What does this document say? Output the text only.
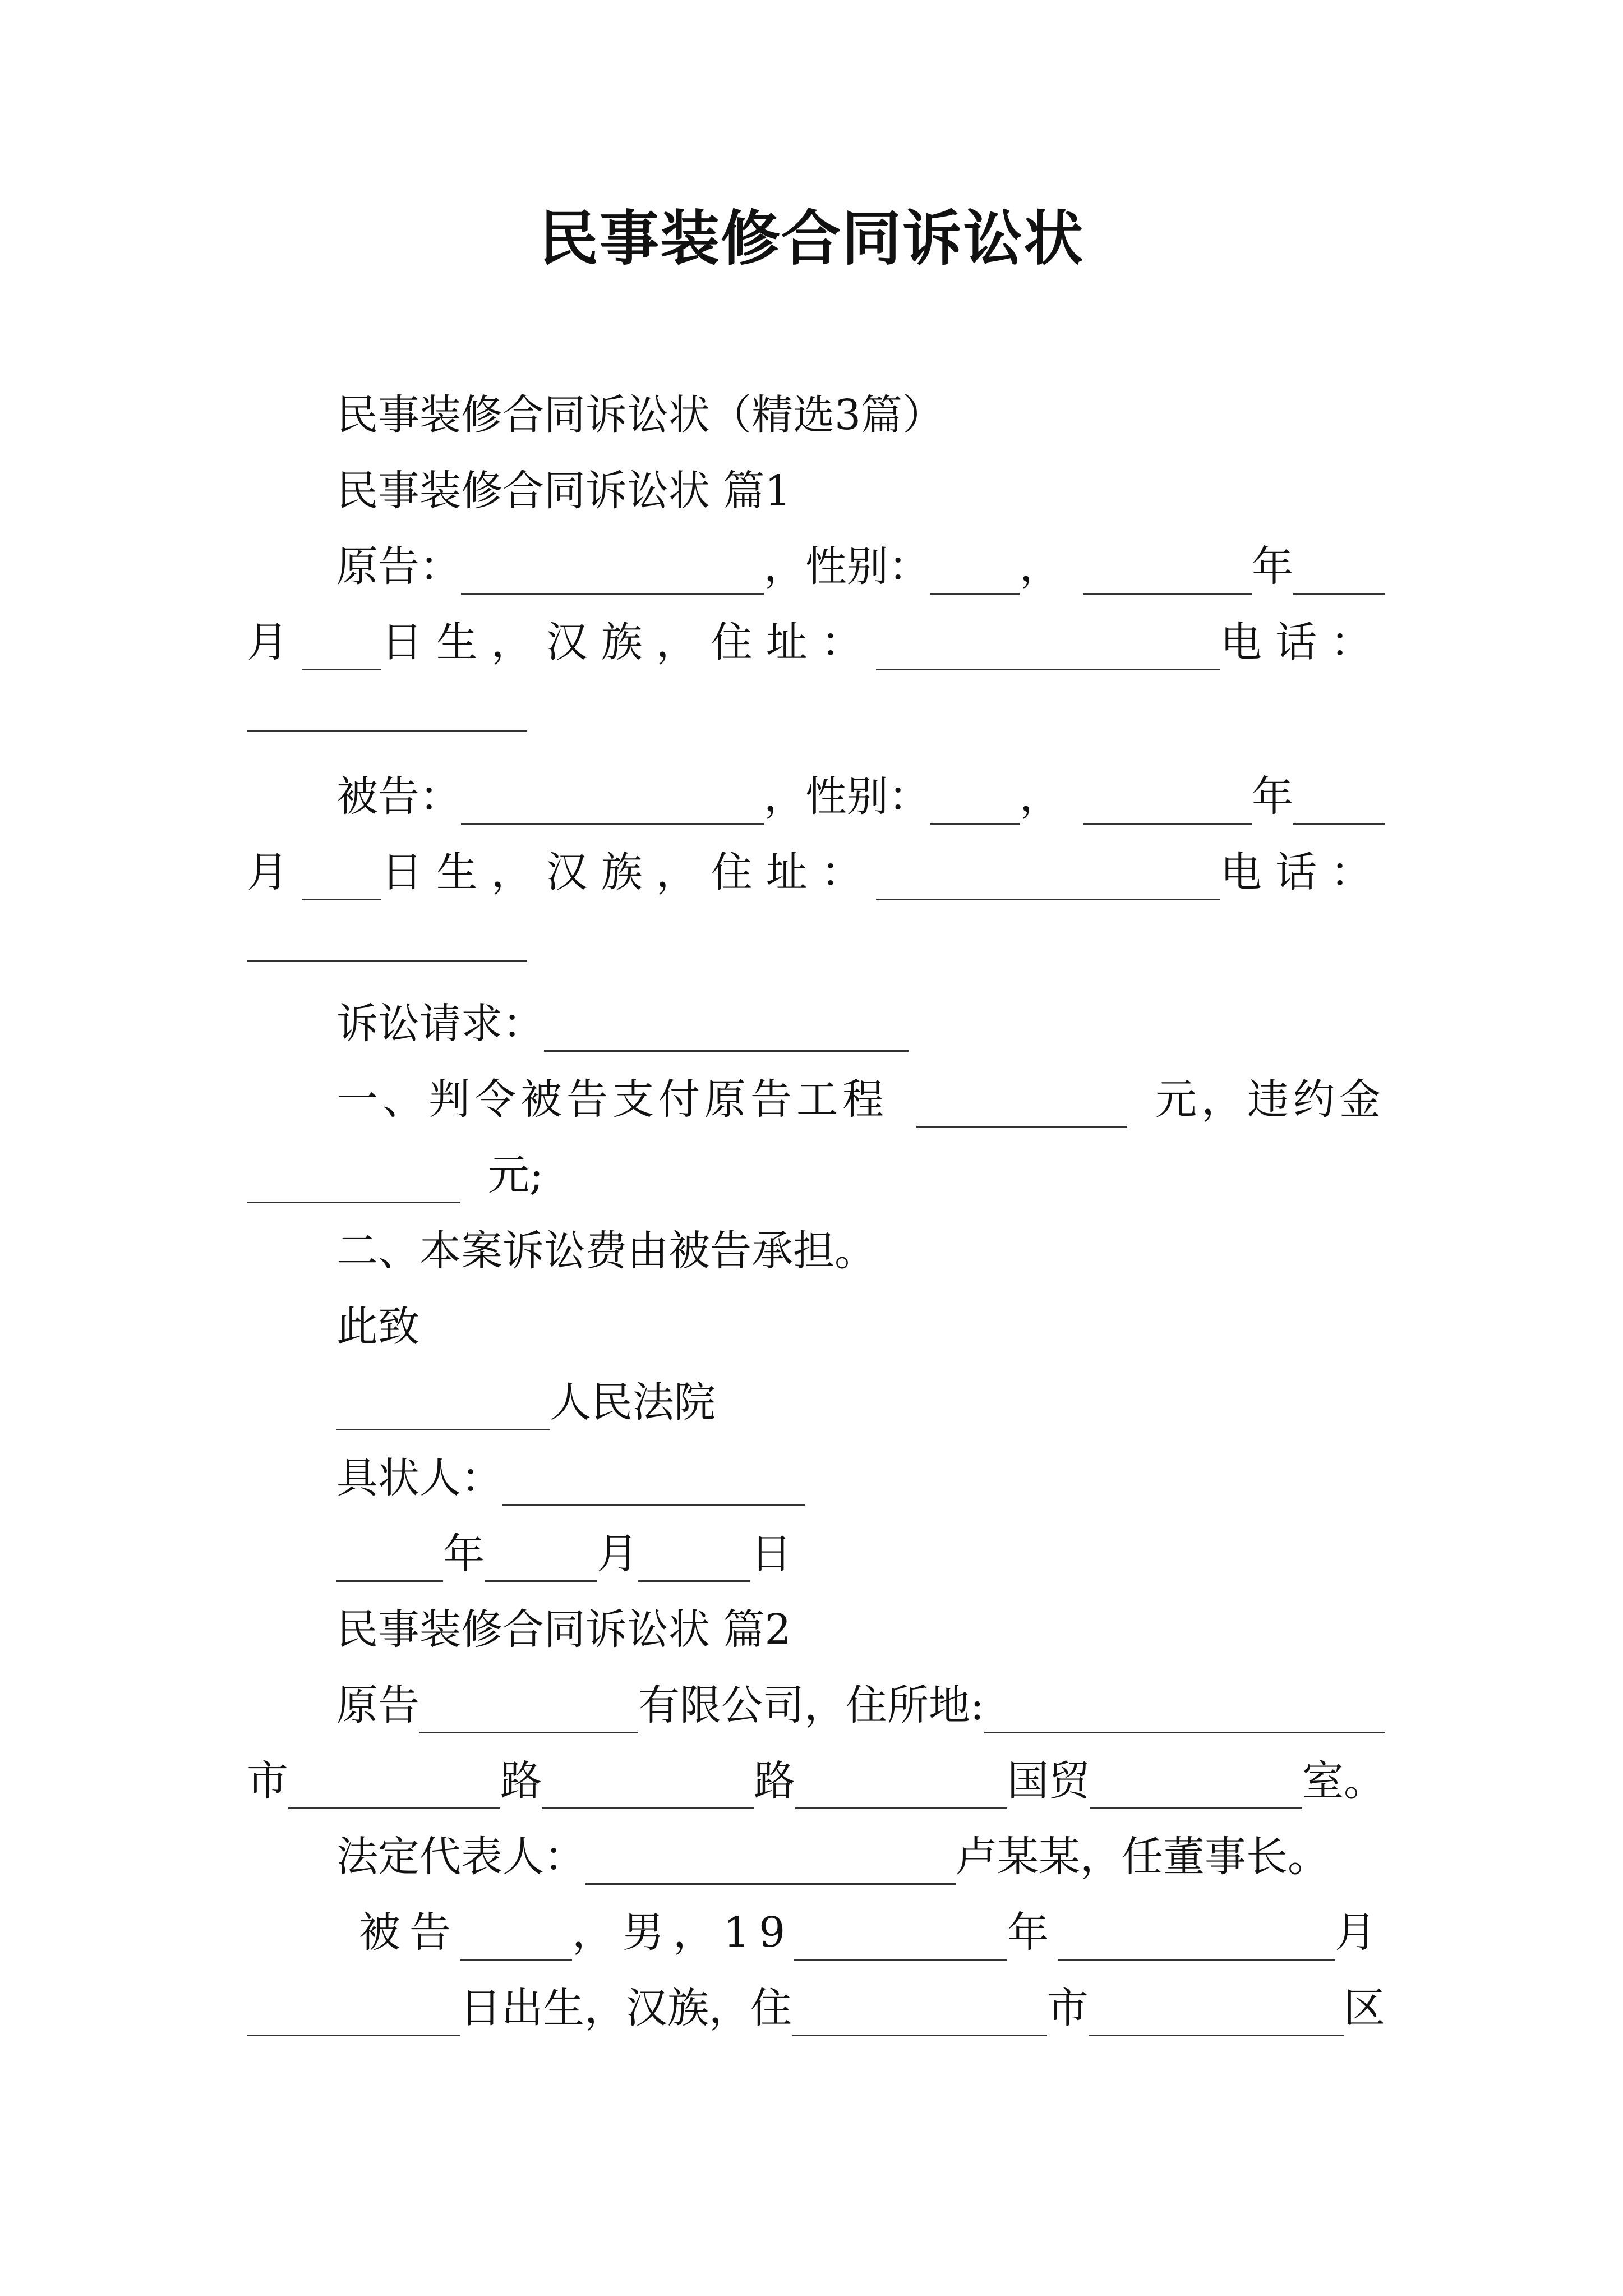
民事装修合同诉讼状
民事装修合同诉讼状（精选3篇）
民事装修合同诉讼状 篇1
原告：	，性别： ，	年
月 日生，汉族，住址：	电话：
被告：	，性别： ，	年
月 日生，汉族，住址：	电话：
诉讼请求：
一、判令被告支付原告工程	元，违约金
元;
二、本案诉讼费由被告承担。
此致
人民法院
具状人：
年	月	日
民事装修合同诉讼状 篇2
原告	有限公司，住所地:
市	路	路	国贸	室。
法定代表人：	卢某某，任董事长。
被告	，男，19	年	月
日出生，汉族，住	市	区
